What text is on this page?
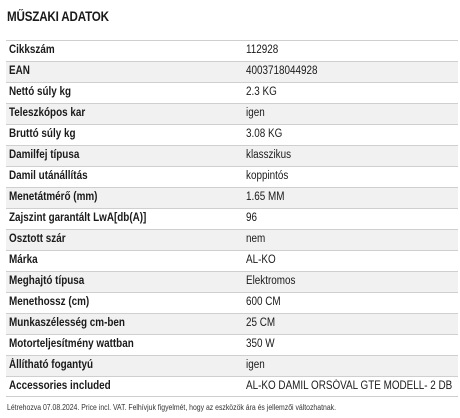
MŰSZAKI ADATOK
Cikkszám	112928
EAN	4003718044928
Nettó súly kg	2.3 KG
Teleszkópos kar	igen
Bruttó súly kg	3.08 KG
Damilfej típusa	klasszikus
Damil utánállítás	koppintós
Menetátmérő (mm)	1.65 MM
Zajszint garantált LwA[db(A)]	96
Osztott szár	nem
Márka	AL-KO
Meghajtó típusa	Elektromos
Menethossz (cm)	600 CM
Munkaszélesség cm-ben	25 CM
Motorteljesítmény wattban	350 W
Állítható fogantyú	igen
Accessories included	AL-KO DAMIL ORSÓVAL GTE MODELL- 2 DB
Létrehozva 07.08.2024. Price incl. VAT. Felhívjuk figyelmét, hogy az eszközök ára és jellemzői változhatnak.
